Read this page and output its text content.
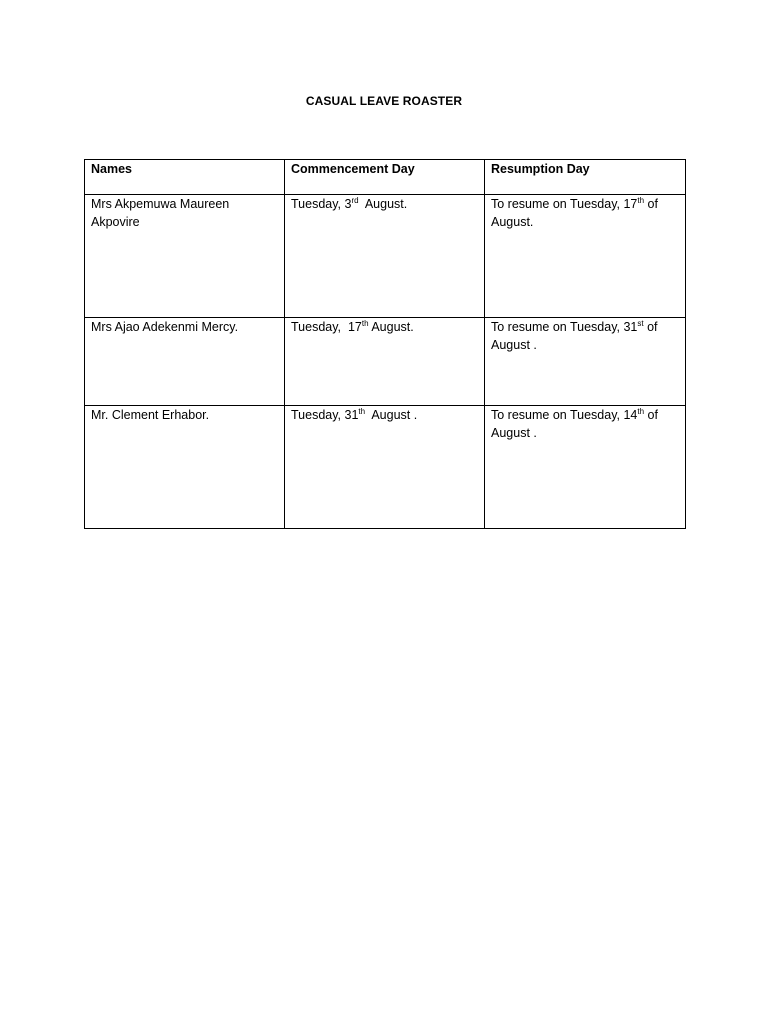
CASUAL LEAVE ROASTER
Names	Commencement Day	Resumption Day

Mrs Akpemuwa Maureen
Akpovire	Tuesday, 3rd  August.	To resume on Tuesday, 17th of
August.

Mrs Ajao Adekenmi Mercy.	Tuesday,  17th August.	To resume on Tuesday, 31st of
August .

Mr. Clement Erhabor.	Tuesday, 31th  August .	To resume on Tuesday, 14th of
August .
